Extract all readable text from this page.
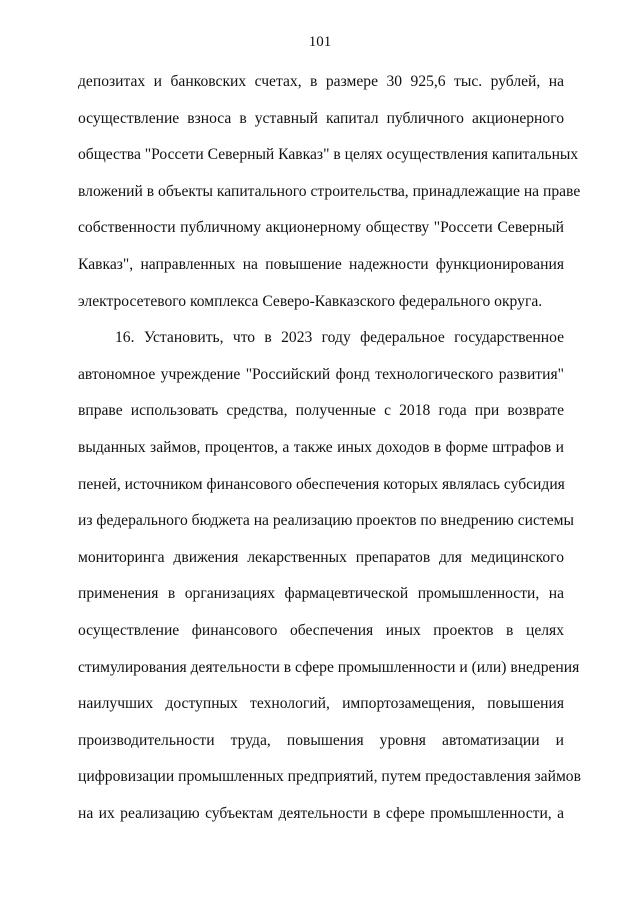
101
депозитах и банковских счетах, в размере 30 925,6 тыс. рублей, на
осуществление взноса в уставный капитал публичного акционерного
общества "Россети Северный Кавказ" в целях осуществления капитальных
вложений в объекты капитального строительства, принадлежащие на праве
собственности публичному акционерному обществу "Россети Северный
Кавказ", направленных на повышение надежности функционирования
электросетевого комплекса Северо-Кавказского федерального округа.
16. Установить, что в 2023 году федеральное государственное
автономное учреждение "Российский фонд технологического развития"
вправе использовать средства, полученные с 2018 года при возврате
выданных займов, процентов, а также иных доходов в форме штрафов и
пеней, источником финансового обеспечения которых являлась субсидия
из федерального бюджета на реализацию проектов по внедрению системы
мониторинга движения лекарственных препаратов для медицинского
применения в организациях фармацевтической промышленности, на
осуществление финансового обеспечения иных проектов в целях
стимулирования деятельности в сфере промышленности и (или) внедрения
наилучших доступных технологий, импортозамещения, повышения
производительности труда, повышения уровня автоматизации и
цифровизации промышленных предприятий, путем предоставления займов
на их реализацию субъектам деятельности в сфере промышленности, а
